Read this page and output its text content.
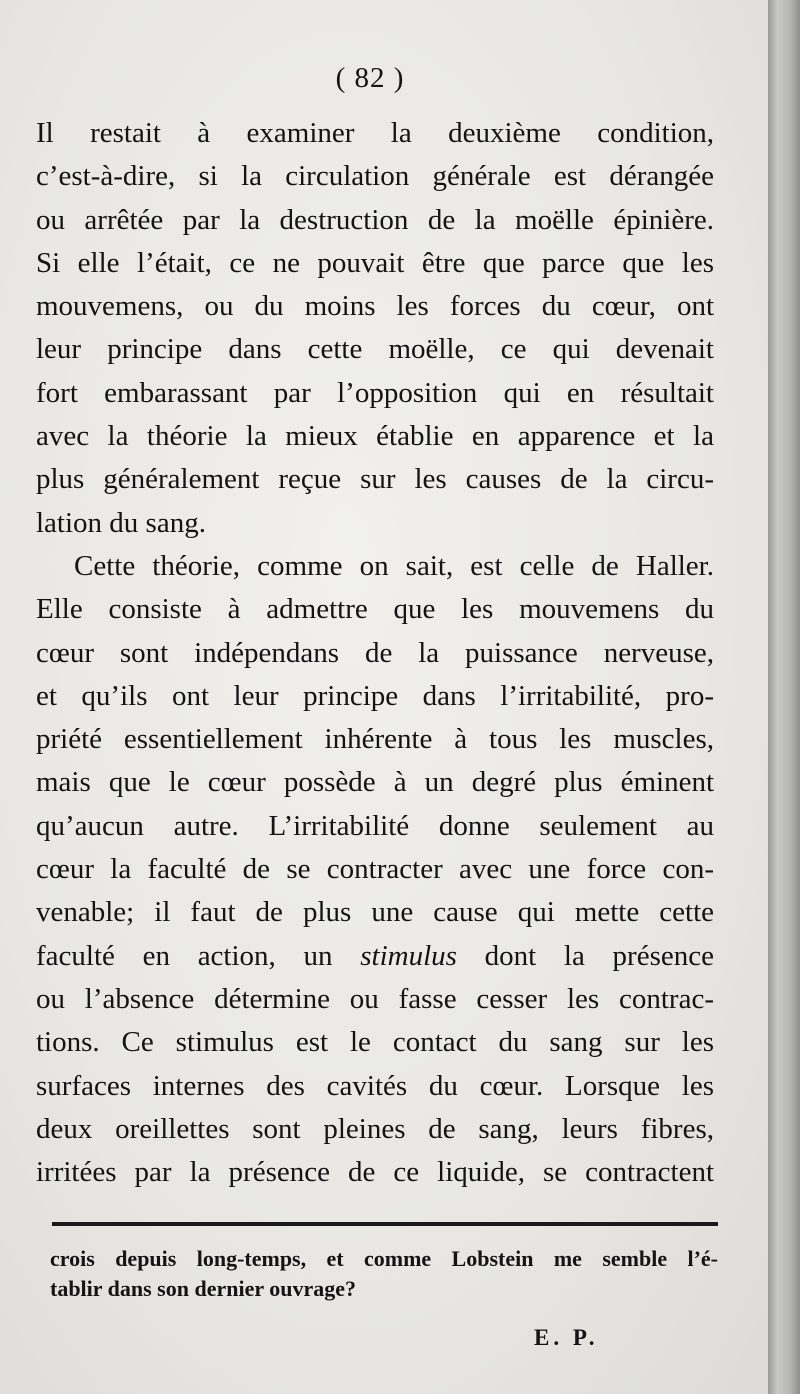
( 82 )
Il restait à examiner la deuxième condition,
c’est-à-dire, si la circulation générale est dérangée
ou arrêtée par la destruction de la moëlle épinière.
Si elle l’était, ce ne pouvait être que parce que les
mouvemens, ou du moins les forces du cœur, ont
leur principe dans cette moëlle, ce qui devenait
fort embarassant par l’opposition qui en résultait
avec la théorie la mieux établie en apparence et la
plus généralement reçue sur les causes de la circu-
lation du sang.
Cette théorie, comme on sait, est celle de Haller.
Elle consiste à admettre que les mouvemens du
cœur sont indépendans de la puissance nerveuse,
et qu’ils ont leur principe dans l’irritabilité, pro-
priété essentiellement inhérente à tous les muscles,
mais que le cœur possède à un degré plus éminent
qu’aucun autre. L’irritabilité donne seulement au
cœur la faculté de se contracter avec une force con-
venable; il faut de plus une cause qui mette cette
faculté en action, un stimulus dont la présence
ou l’absence détermine ou fasse cesser les contrac-
tions. Ce stimulus est le contact du sang sur les
surfaces internes des cavités du cœur. Lorsque les
deux oreillettes sont pleines de sang, leurs fibres,
irritées par la présence de ce liquide, se contractent
crois depuis long-temps, et comme Lobstein me semble l’é-
tablir dans son dernier ouvrage?
E. P.
